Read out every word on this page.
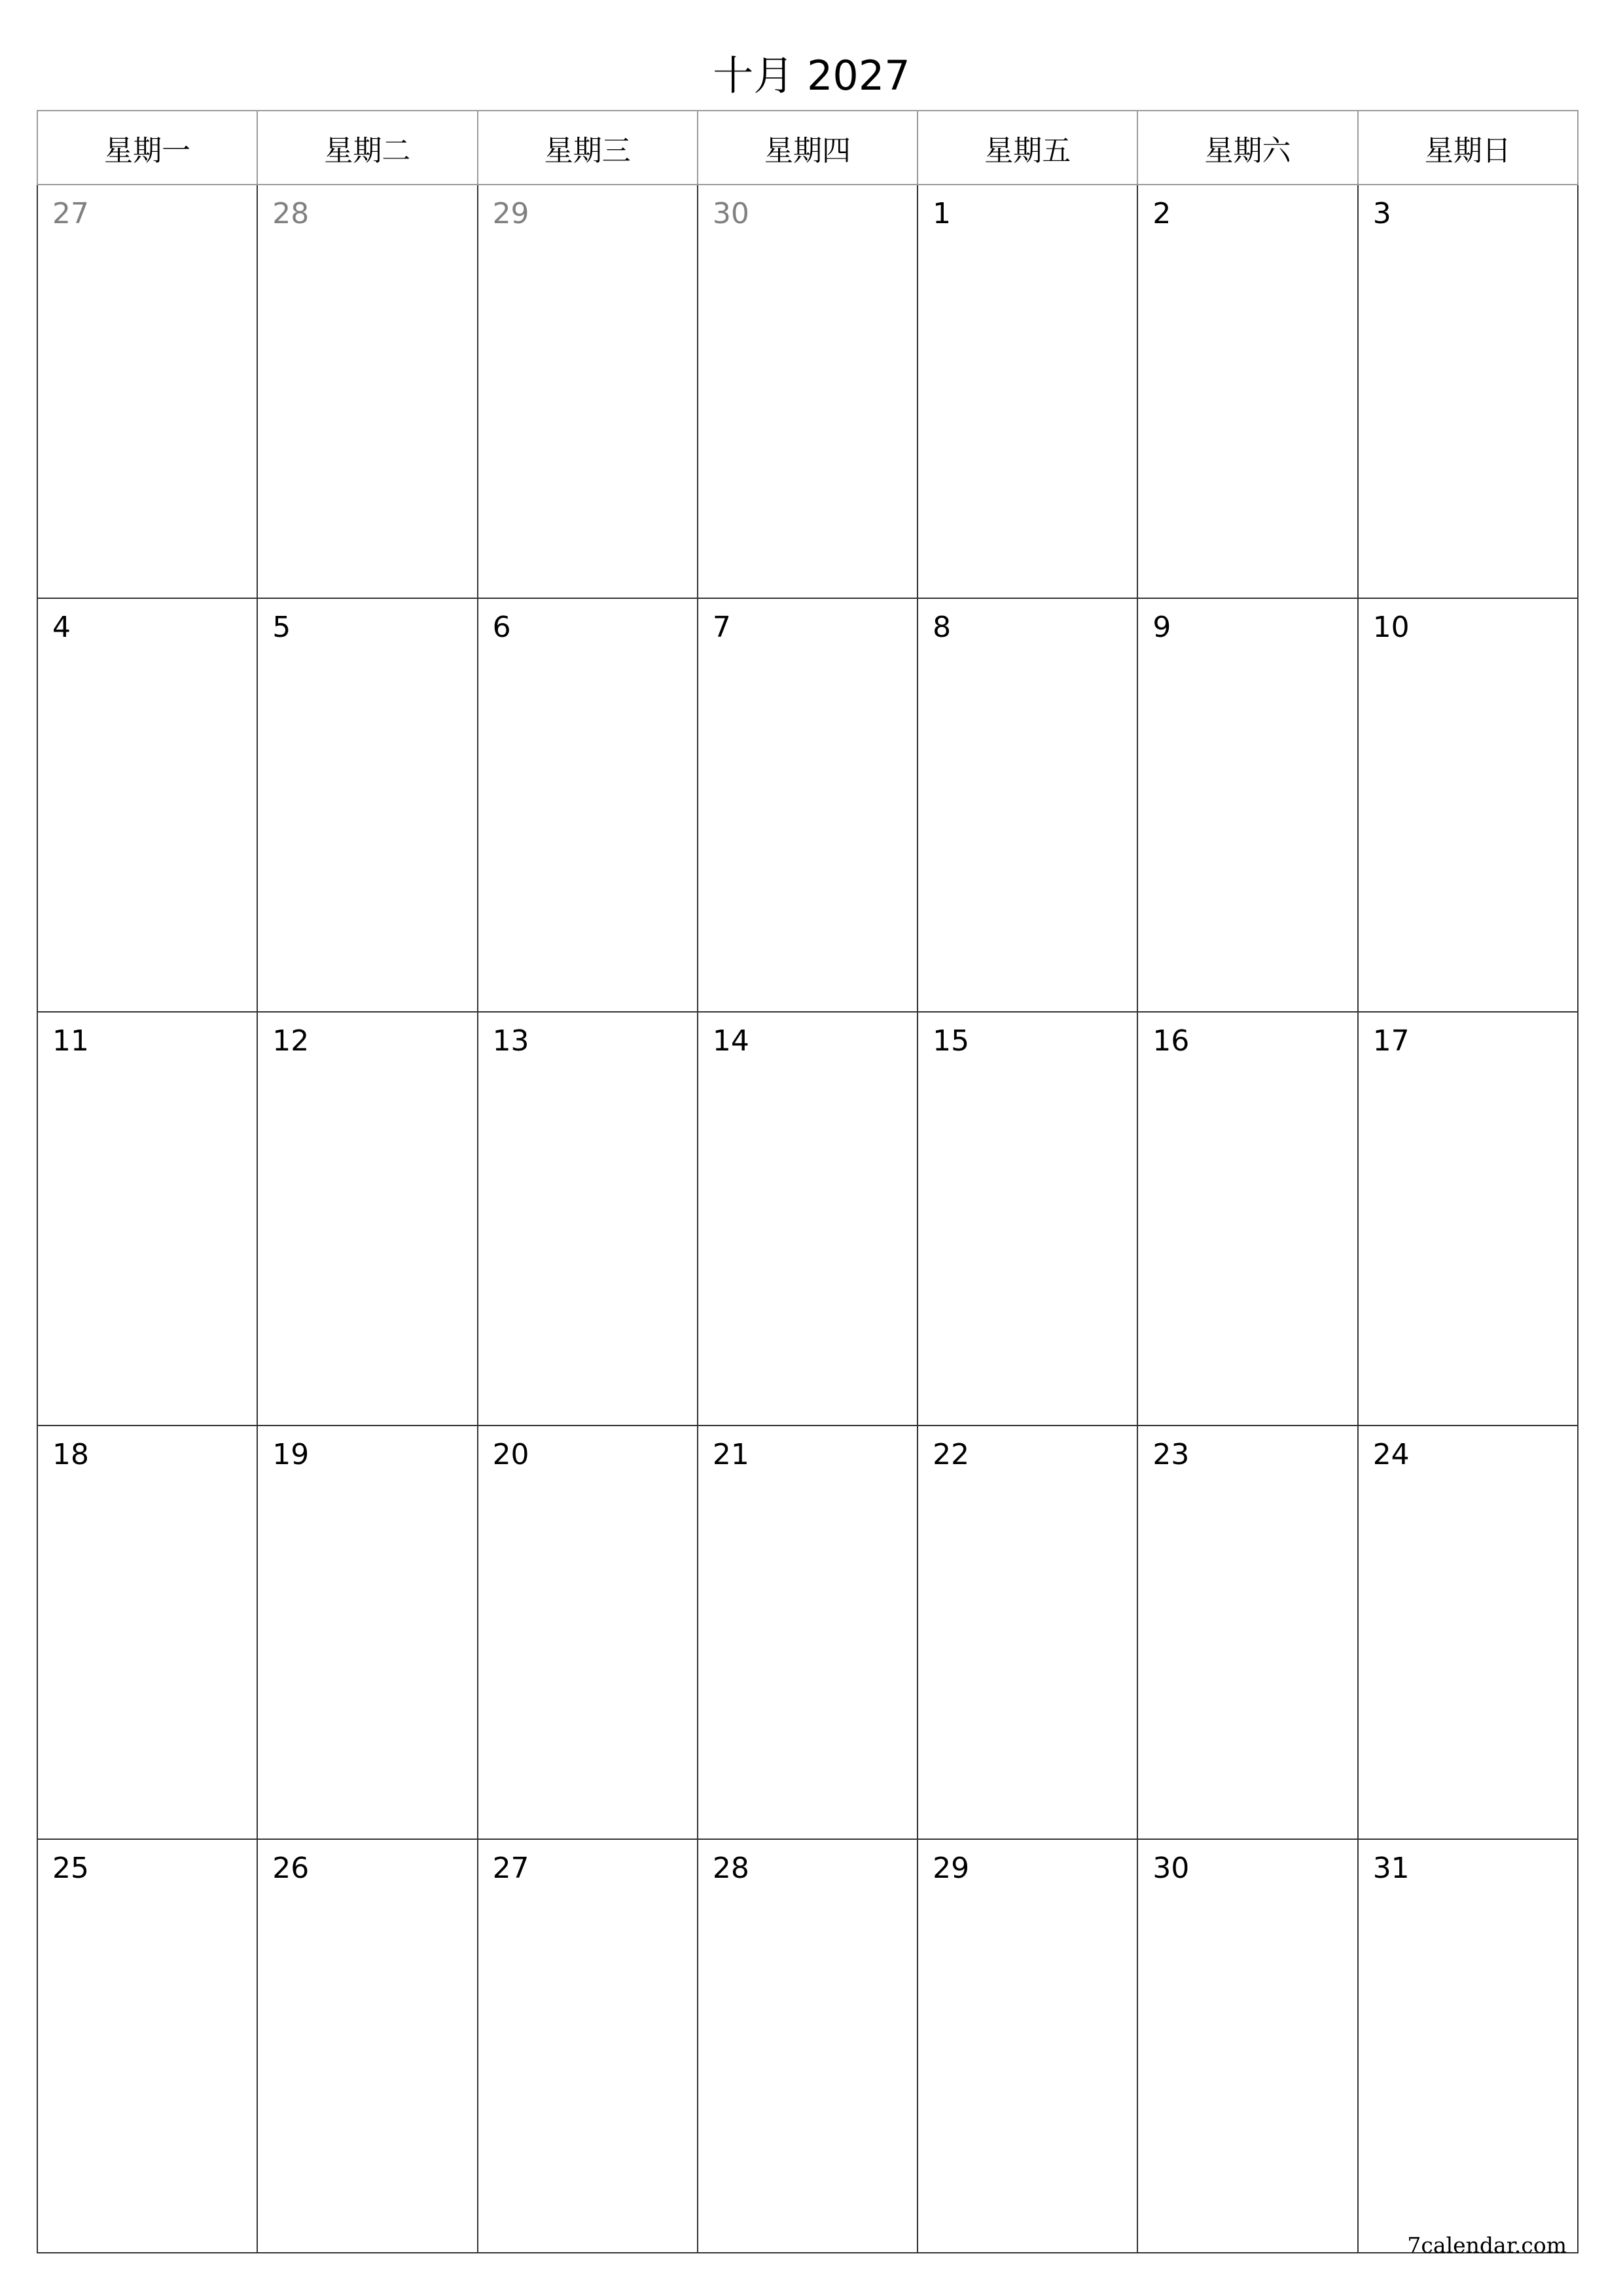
十月 2027
星期一	星期二	星期三	星期四	星期五	星期六	星期日

27	28	29	30	1	2	3

4	5	6	7	8	9	10

11	12	13	14	15	16	17

18	19	20	21	22	23	24

25	26	27	28	29	30	31
7calendar.com
